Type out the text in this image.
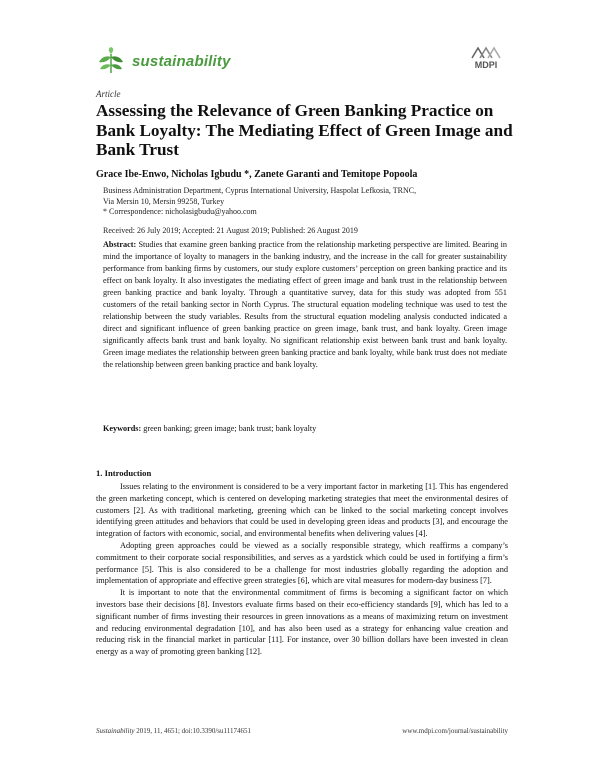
sustainability	MDPI
Article
Assessing the Relevance of Green Banking Practice on Bank Loyalty: The Mediating Effect of Green Image and Bank Trust
Grace Ibe-Enwo, Nicholas Igbudu *, Zanete Garanti and Temitope Popoola
Business Administration Department, Cyprus International University, Haspolat Lefkosia, TRNC,
Via Mersin 10, Mersin 99258, Turkey
* Correspondence: nicholasigbudu@yahoo.com
Received: 26 July 2019; Accepted: 21 August 2019; Published: 26 August 2019

Abstract: Studies that examine green banking practice from the relationship marketing perspective are limited. Bearing in mind the importance of loyalty to managers in the banking industry, and the increase in the call for greater sustainability performance from banking firms by customers, our study explore customers’ perception on green banking practice and its effect on bank loyalty. It also investigates the mediating effect of green image and bank trust in the relationship between green banking practice and bank loyalty. Through a quantitative survey, data for this study was adopted from 551 customers of the retail banking sector in North Cyprus. The structural equation modeling technique was used to test the relationship between the study variables. Results from the structural equation modeling analysis conducted indicated a direct and significant influence of green banking practice on green image, bank trust, and bank loyalty. Green image significantly affects bank trust and bank loyalty. No significant relationship exist between bank trust and bank loyalty. Green image mediates the relationship between green banking practice and bank loyalty, while bank trust does not mediate the relationship between green banking practice and bank loyalty.

Keywords: green banking; green image; bank trust; bank loyalty
1. Introduction

Issues relating to the environment is considered to be a very important factor in marketing [1]. This has engendered the green marketing concept, which is centered on developing marketing strategies that meet the environmental desires of customers [2]. As with traditional marketing, greening which can be linked to the social marketing concept involves identifying green attitudes and behaviors that could be used in developing green ideas and products [3], and encourage the integration of factors with economic, social, and environmental benefits when delivering values [4].

Adopting green approaches could be viewed as a socially responsible strategy, which reaffirms a company’s commitment to their corporate social responsibilities, and serves as a yardstick which could be used in fortifying a firm’s performance [5]. This is also considered to be a challenge for most industries globally regarding the adoption and implementation of appropriate and effective green strategies [6], which are vital measures for modern-day business [7].

It is important to note that the environmental commitment of firms is becoming a significant factor on which investors base their decisions [8]. Investors evaluate firms based on their eco-efficiency standards [9], which has led to a significant number of firms investing their resources in green innovations as a means of maximizing return on investment and reducing environmental degradation [10], and has also been used as a strategy for enhancing value creation and reducing risk in the financial market in particular [11]. For instance, over 30 billion dollars have been invested in clean energy as a way of promoting green banking [12].

Sustainability 2019, 11, 4651; doi:10.3390/su11174651	www.mdpi.com/journal/sustainability
